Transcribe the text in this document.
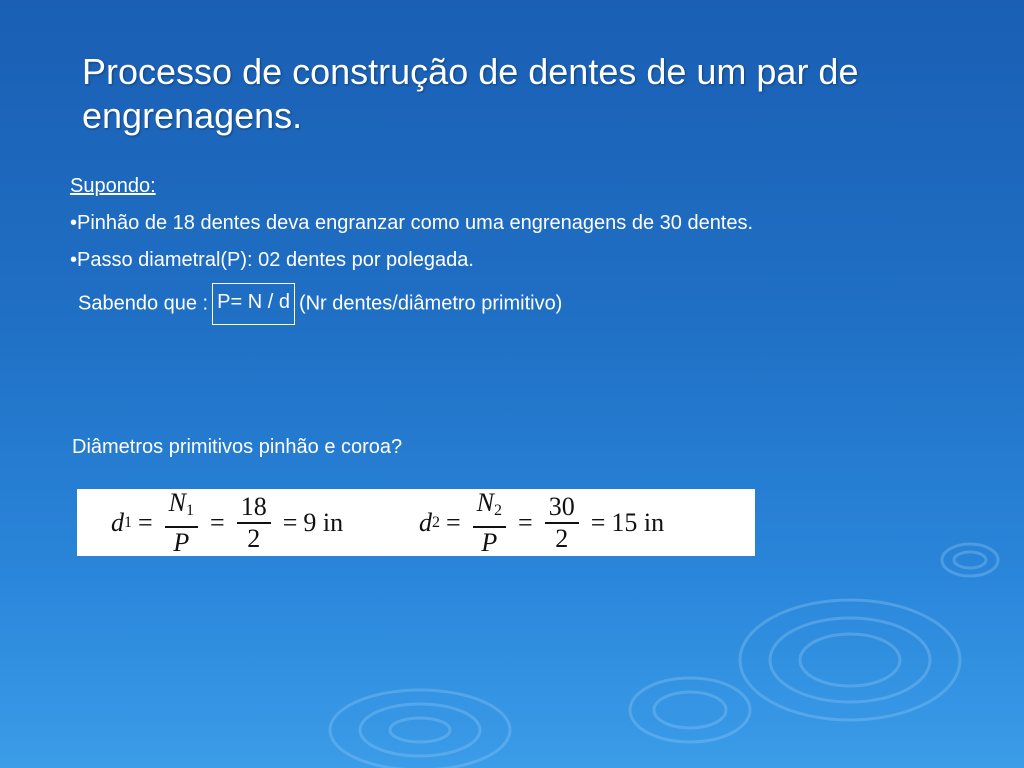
Processo de construção de dentes de um par de engrenagens.

Supondo:

•Pinhão de 18 dentes deva engranzar como uma engrenagens de 30 dentes.

•Passo diametral(P): 02 dentes por polegada.

Sabendo que : P= N / d (Nr dentes/diâmetro primitivo)

Diâmetros primitivos pinhão e coroa?
d $1 = \frac{N_1}{P} = \frac{18}{2} = 9$ in	d $2 = \frac{N_2}{P} = \frac{30}{2} = 15$ in
